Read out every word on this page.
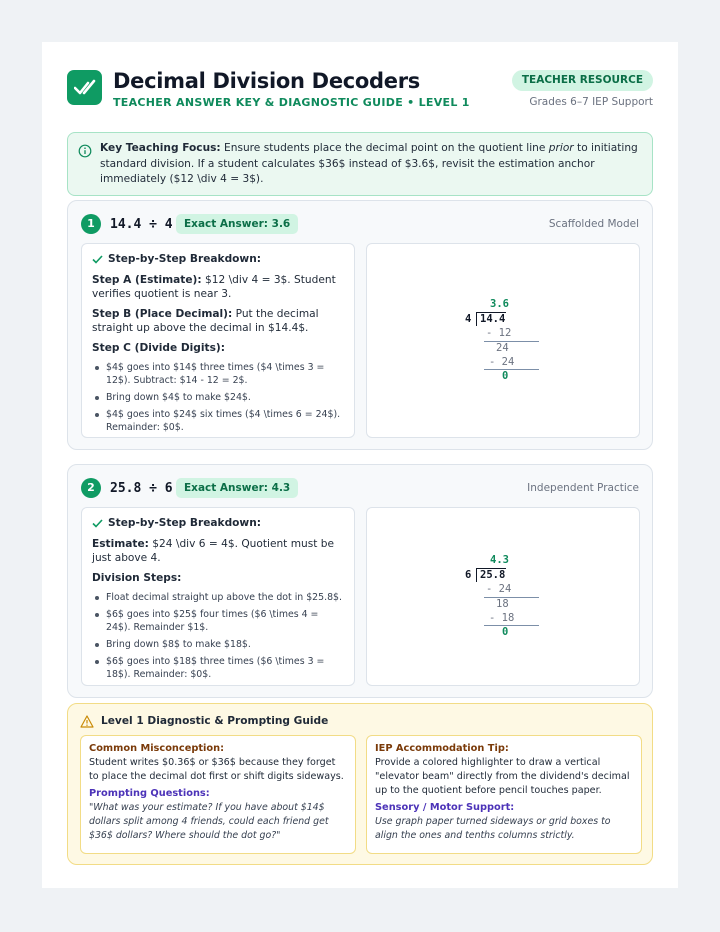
Decimal Division Decoders
TEACHER ANSWER KEY & DIAGNOSTIC GUIDE • LEVEL 1
TEACHER RESOURCE
Grades 6–7 IEP Support

Key Teaching Focus: Ensure students place the decimal point on the quotient line prior to initiating standard division. If a student calculates $36$ instead of $3.6$, revisit the estimation anchor immediately ($12 \div 4 = 3$).

1	14.4 ÷ 4	Exact Answer: 3.6	Scaffolded Model
Step-by-Step Breakdown:
Step A (Estimate): $12 \div 4 = 3$. Student verifies quotient is near 3.
Step B (Place Decimal): Put the decimal straight up above the decimal in $14.4$.
Step C (Divide Digits):
$4$ goes into $14$ three times ($4 \times 3 = 12$). Subtract: $14 - 12 = 2$.
Bring down $4$ to make $24$.
$4$ goes into $24$ six times ($4 \times 6 = 24$). Remainder: $0$.
3.6
4 14.4
- 12
24
- 24
0
2	25.8 ÷ 6	Exact Answer: 4.3	Independent Practice
Step-by-Step Breakdown:
Estimate: $24 \div 6 = 4$. Quotient must be just above 4.
Division Steps:
Float decimal straight up above the dot in $25.8$.
$6$ goes into $25$ four times ($6 \times 4 = 24$). Remainder $1$.
Bring down $8$ to make $18$.
$6$ goes into $18$ three times ($6 \times 3 = 18$). Remainder: $0$.
4.3
6 25.8
- 24
18
- 18
0
Level 1 Diagnostic & Prompting Guide
Common Misconception:
Student writes $0.36$ or $36$ because they forget to place the decimal dot first or shift digits sideways.
Prompting Questions:
"What was your estimate? If you have about $14$ dollars split among 4 friends, could each friend get $36$ dollars? Where should the dot go?"
IEP Accommodation Tip:
Provide a colored highlighter to draw a vertical "elevator beam" directly from the dividend's decimal up to the quotient before pencil touches paper.
Sensory / Motor Support:
Use graph paper turned sideways or grid boxes to align the ones and tenths columns strictly.
